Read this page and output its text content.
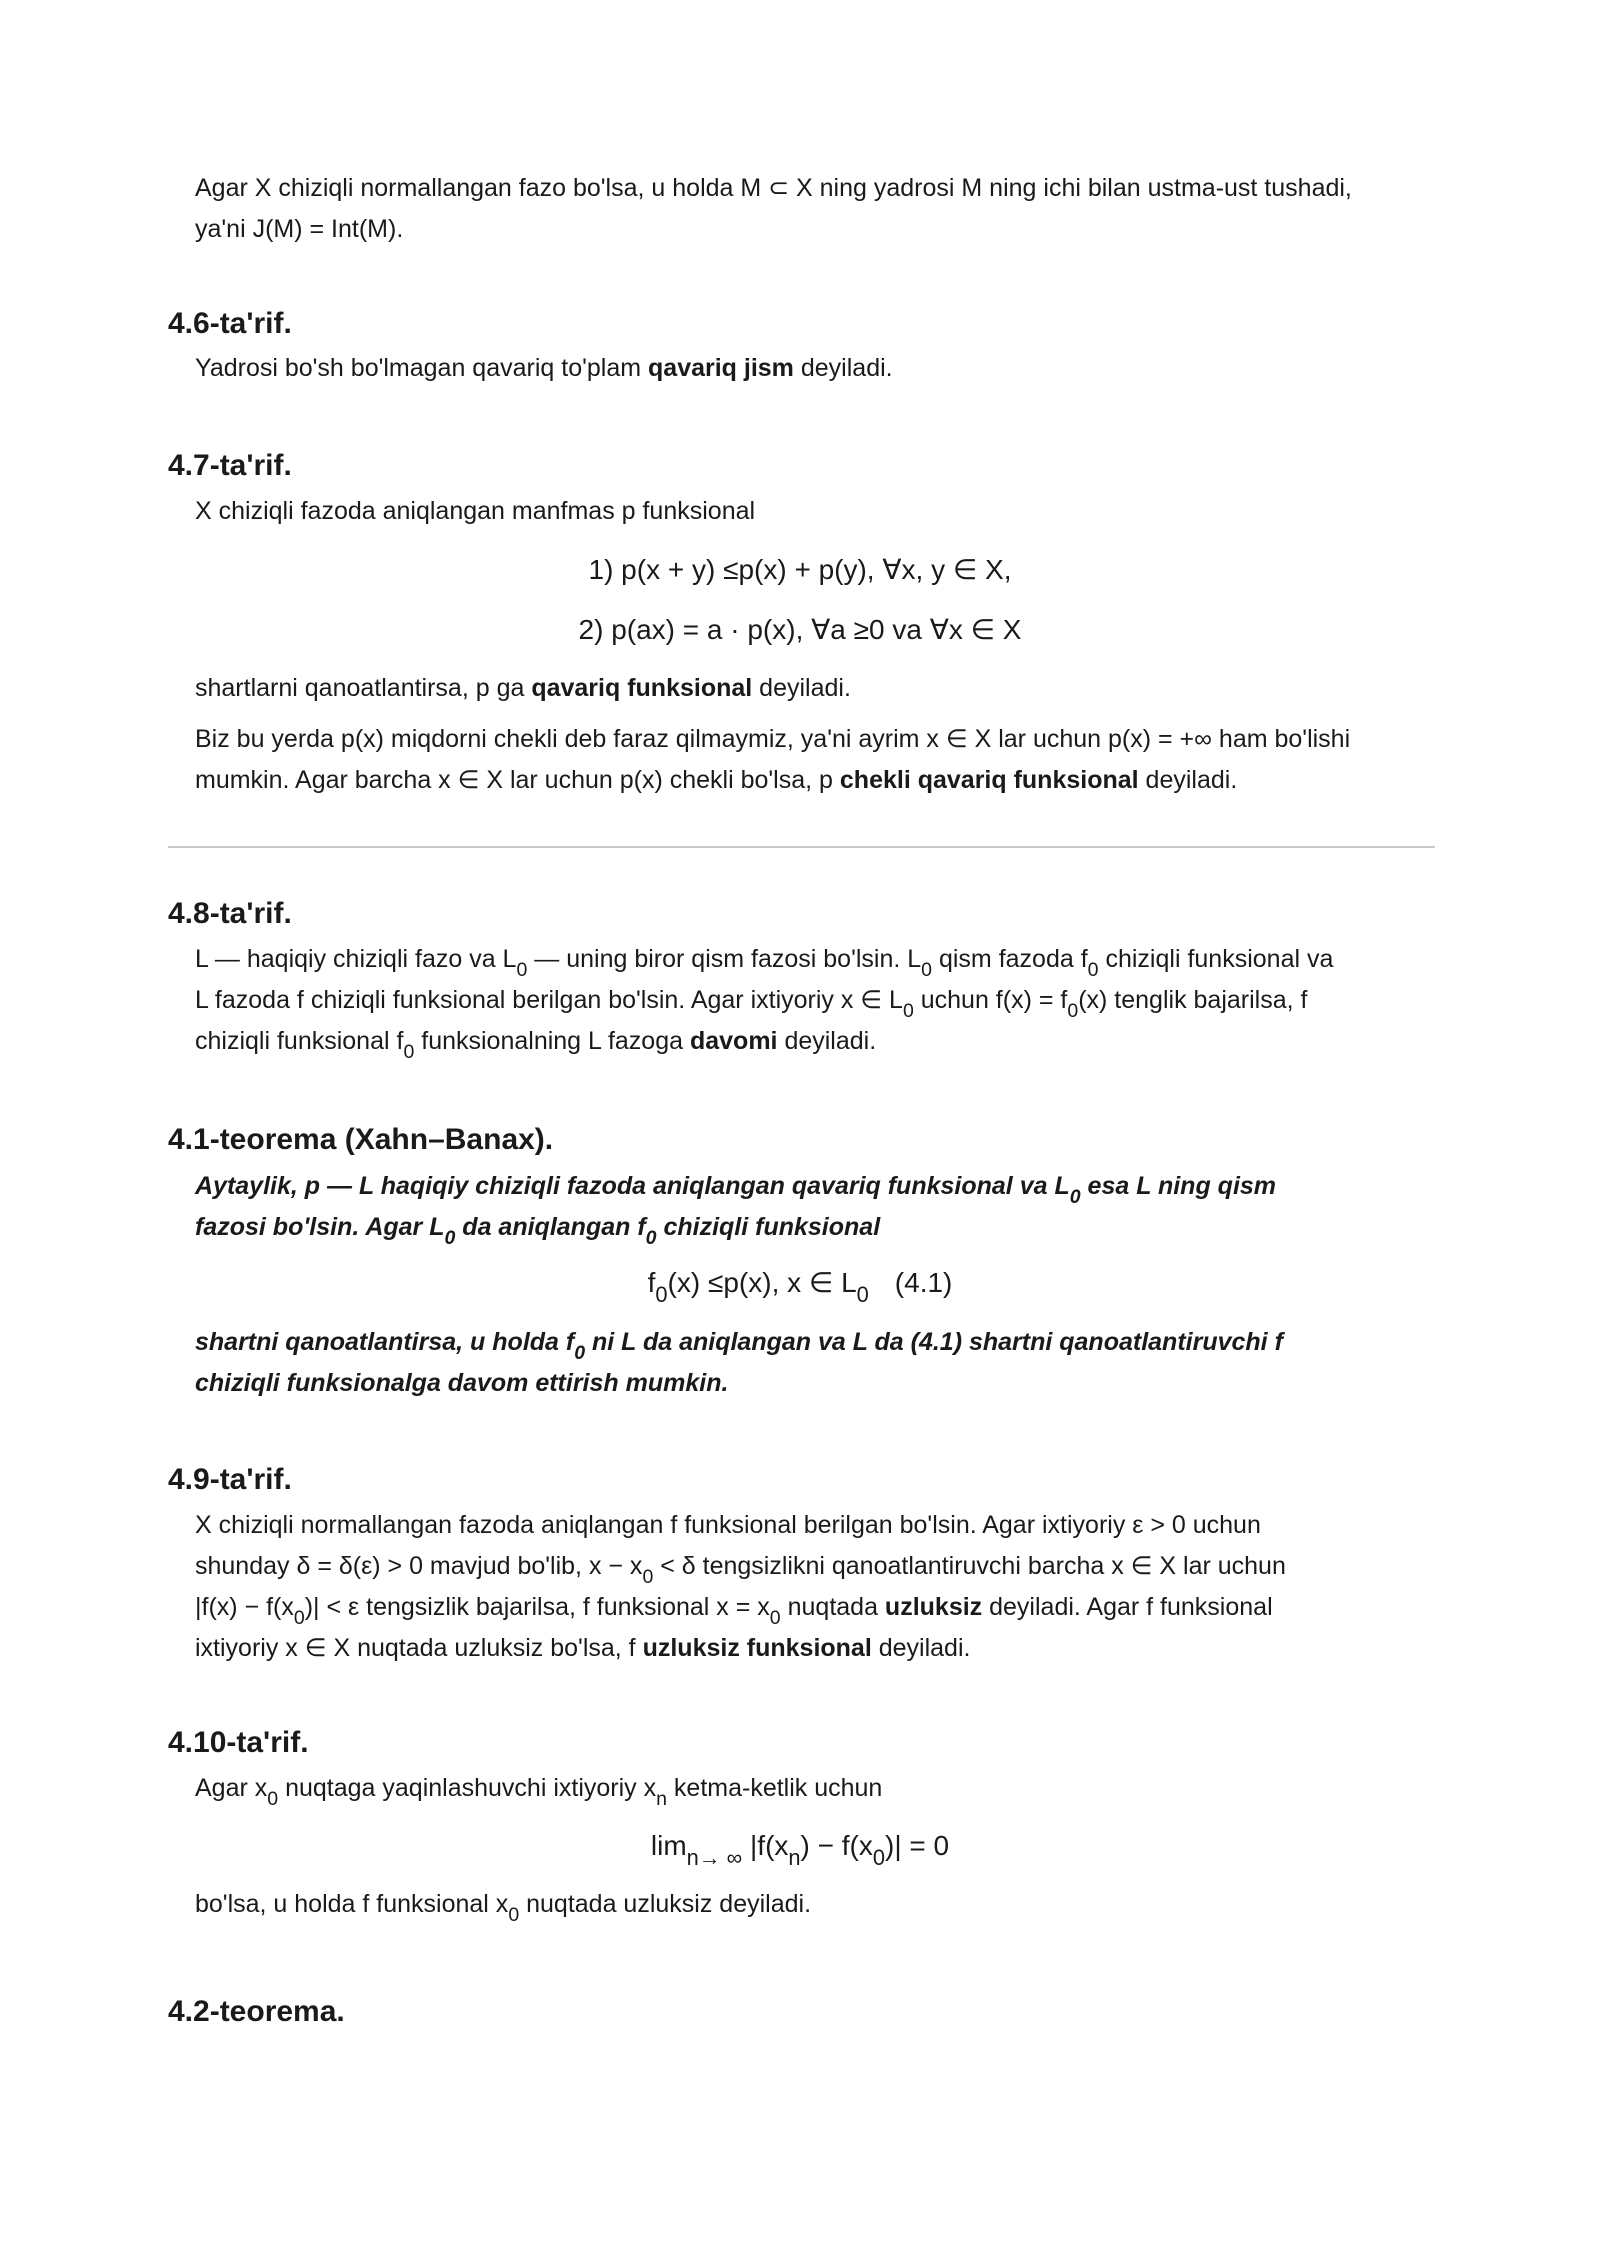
Agar X chiziqli normallangan fazo bo'lsa, u holda M ⊂ X ning yadrosi M ning ichi bilan ustma-ust tushadi,

ya'ni J(M) = Int(M).

4.6-ta'rif.

Yadrosi bo'sh bo'lmagan qavariq to'plam qavariq jism deyiladi.

4.7-ta'rif.

X chiziqli fazoda aniqlangan manfmas p funksional

1) p(x + y) ≤p(x) + p(y), ∀x, y ∈ X,

2) p(ax) = a · p(x), ∀a ≥0 va ∀x ∈ X

shartlarni qanoatlantirsa, p ga qavariq funksional deyiladi.

Biz bu yerda p(x) miqdorni chekli deb faraz qilmaymiz, ya'ni ayrim x ∈ X lar uchun p(x) = +∞ ham bo'lishi

mumkin. Agar barcha x ∈ X lar uchun p(x) chekli bo'lsa, p chekli qavariq funksional deyiladi.

4.8-ta'rif.

L — haqiqiy chiziqli fazo va $L_0$ — uning biror qism fazosi bo'lsin. $L_0$ qism fazoda $f_0$ chiziqli funksional va

L fazoda f chiziqli funksional berilgan bo'lsin. Agar ixtiyoriy x ∈ $L_0$ uchun $f(x) = f_0(x)$ tenglik bajarilsa, f

chiziqli funksional $f_0$ funksionalning L fazoga davomi deyiladi.

4.1-teorema (Xahn–Banax).

Aytaylik, p — L haqiqiy chiziqli fazoda aniqlangan qavariq funksional va $L_0$ esa L ning qism

fazosi bo'lsin. Agar $L_0$ da aniqlangan $f_0$ chiziqli funksional

$f_0(x) \le p(x)$, x ∈ $L_0$ (4.1)

shartni qanoatlantirsa, u holda $f_0$ ni L da aniqlangan va L da (4.1) shartni qanoatlantiruvchi f

chiziqli funksionalga davom ettirish mumkin.

4.9-ta'rif.

X chiziqli normallangan fazoda aniqlangan f funksional berilgan bo'lsin. Agar ixtiyoriy ε > 0 uchun

shunday δ = δ(ε) > 0 mavjud bo'lib, $x - x_0 < \delta$ tengsizlikni qanoatlantiruvchi barcha x ∈ X lar uchun

$|f(x) - f(x_0)| < \varepsilon$ tengsizlik bajarilsa, f funksional $x = x_0$ nuqtada uzluksiz deyiladi. Agar f funksional

ixtiyoriy x ∈ X nuqtada uzluksiz bo'lsa, f uzluksiz funksional deyiladi.

4.10-ta'rif.

Agar $x_0$ nuqtaga yaqinlashuvchi ixtiyoriy $x_n$ ketma-ketlik uchun

$\lim_{n\to \infty} |f(x_n) - f(x_0)| = 0$

bo'lsa, u holda f funksional $x_0$ nuqtada uzluksiz deyiladi.

4.2-teorema.
